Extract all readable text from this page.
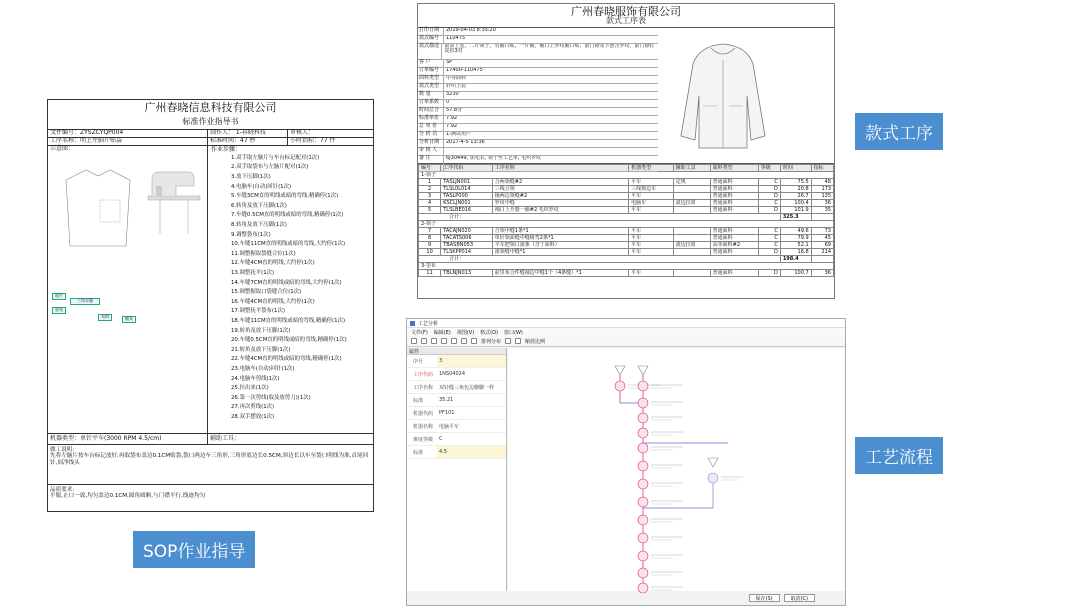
广州春晓信息科技有限公司
标准作业指导书
文件编号：ZYSZCYQP004	制作人： 1-春晓科技	审核人：
工序名称：明上左脑片贴袋	标准时间：47 秒	小时指标：77 件
示意图：
放片
放布
三角车缝
布料	模具
作业步骤：
1.双手取左脑片与车台标记配对(1次)
2.双手取袋布与左脑片配对(1次)
3.放下压脚(1次)
4.电脑车(自动)回针(1次)
5.车缝3CM直的明线或暗的弯线,精确停(1次)
6.转角及放下压脚(1次)
7.车缝0.5CM直的明线或暗的弯线,精确停(1次)
8.转角及放下压脚(1次)
9.调整袋布(1次)
10.车缝11CM直的明线或暗的弯线,大约停(1次)
11.调整握取袋缝合位(1次)
12.车缝4CM直的明线,大约停(1次)
13.调整抚平(1次)
14.车缝7CM直的明线或暗的弯线,大约停(1次)
15.调整握取口袋缝合位(1次)
16.车缝4CM直的明线,大约停(1次)
17.调整抚平袋布(1次)
18.车缝11CM直的明线或暗的弯线,精确停(1次)
19.转角及放下压脚(1次)
20.车缝0.5CM直的明线或暗的弯线,精确停(1次)
21.转角及放下压脚(1次)
22.车缝4CM直的明线或暗的弯线,精确停(1次)
23.电脑车(自动)回针(1次)
24.电脑车剪线(1次)
25.拉出来(1次)
26.第一次剪线(取及放剪刀)(1次)
27.再次剪线(1次)
28.双手摆放(1次)
机器类型：单针平车(3000 RPM 4.5/cm)	辅助工具：
做工说明：
先将左脑片按车台标记放好,再取袋布盖边0.1CM贴袋,袋口两边车三角形,三角形底边长0.5CM,斜边长以车至袋口明线为准,首尾回针,间净线头
品质要求：
平服,止口一致,均匀盖边0.1CM,圆角圆顺,与门襟平行,线迹均匀
SOP作业指导
款式工序
工艺流程
广州春晓服饰有限公司
款式工序表
打印日期	2019-04-03 8:35:20
款式编号	110475
款式描述	前显上宽，二片领子，有袖口贴，一片袖，袖口上罗纹袖口贴，前门襟及下摆含罗纹，前门襟钉皮扣3对
客 户	SP
订单编号	17400-110475
面料类型	中等面料
款式类型	针织上装
数 量	3230
订单系数	0
时间总合	57.8分
标准单价	7.92
总 单 价	7.92
分 析 员	1-测试用户
分析日期	2017-4-5 13:36
审 核 人
备 注	6J30449, 加毛衣, 领子至工艺单, 毛织罗纹
编号	工序代码	工序名称	机器类型	辅助工具	面料类型	等级	时间	指标
1-领子								
1	TASLJN001	合两领缝#2	平车	定规	普通面料	C	75.5	48
2	TLSL0L014	三线合领	三线锁边车		普通面料	D	20.8	173
3	TASLP000	撞两边领缝#2	平车		普通面料	D	26.7	135
4	KSCLJN001	罗纹中缝	电脑车	滚边拉筒	普通面料	C	100.4	36
5	TLSLBE016	袖口上介器一圈#2 毛织罗纹	平车		普通面料	D	101.9	35
合计：							325.3	
2-领子								
7	TACAJN020	合领中缝1条*1	平车		普通面料	C	49.6	73
8	TACATS006	单针领面缝中缝级弯2条*1	平车		普通面料	C	79.9	45
9	TBASBN053	平车把领口滚条（含丁面料）	平车	滚边拉筒	高等面料#2	C	52.1	69
10	TLSKPP014	滚领缝中缝*1	平车		普通面料	D	16.8	214
合计：							198.4	
3-里布								
11	TBLNJN013	前里布合件缝袖边中缝1个（4条缝）*1	平车		普通面料	D	100.7	36
工艺分析
文件(F) 编辑(E) 视图(V) 格式(O) 窗口(W)
排列分布	缩放比例
属性
序号	3
工序代码	1NS04024
工序名称	双针缝三角包边脚脚一样
标准	35.21
机器代码	PF101
机器名称	电脑平车
难度等级	C
标准	4.5
保存(S)	取消(C)
